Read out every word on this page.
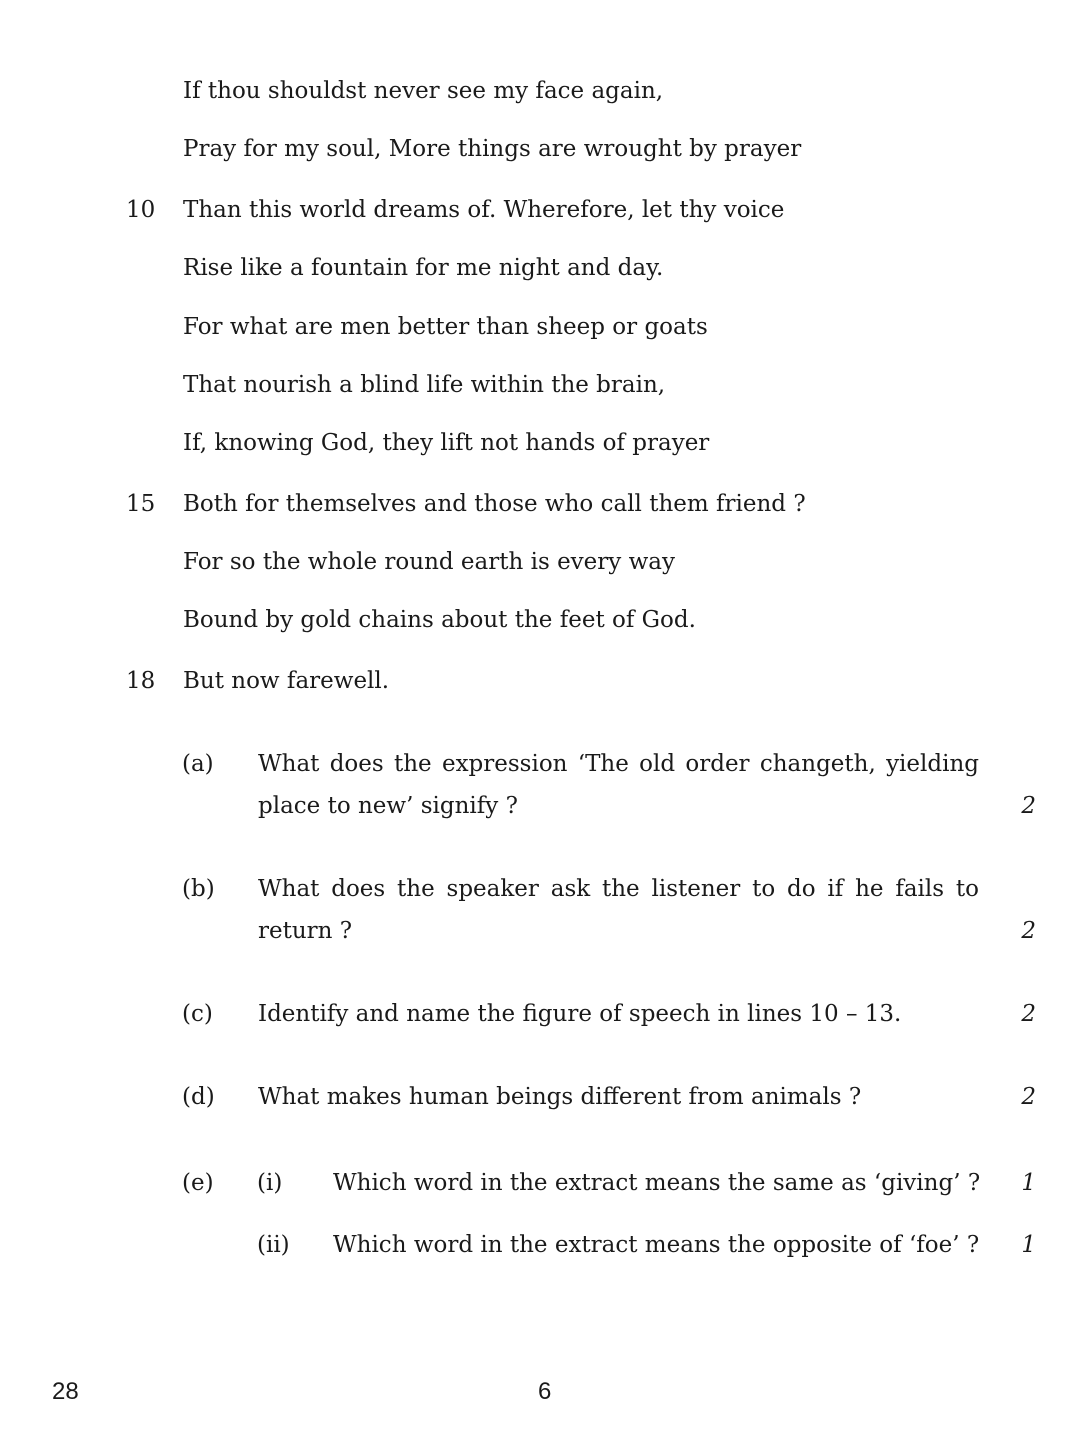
If thou shouldst never see my face again,
Pray for my soul, More things are wrought by prayer
10 Than this world dreams of. Wherefore, let thy voice
Rise like a fountain for me night and day.
For what are men better than sheep or goats
That nourish a blind life within the brain,
If, knowing God, they lift not hands of prayer
15 Both for themselves and those who call them friend ?
For so the whole round earth is every way
Bound by gold chains about the feet of God.
18 But now farewell.
(a) What does the expression ‘The old order changeth, yielding place to new’ signify ?	2
(b) What does the speaker ask the listener to do if he fails to return ?	2
(c) Identify and name the figure of speech in lines 10 – 13.	2
(d) What makes human beings different from animals ?	2
(e) (i) Which word in the extract means the same as ‘giving’ ?	1
(ii) Which word in the extract means the opposite of ‘foe’ ?	1
28	6
